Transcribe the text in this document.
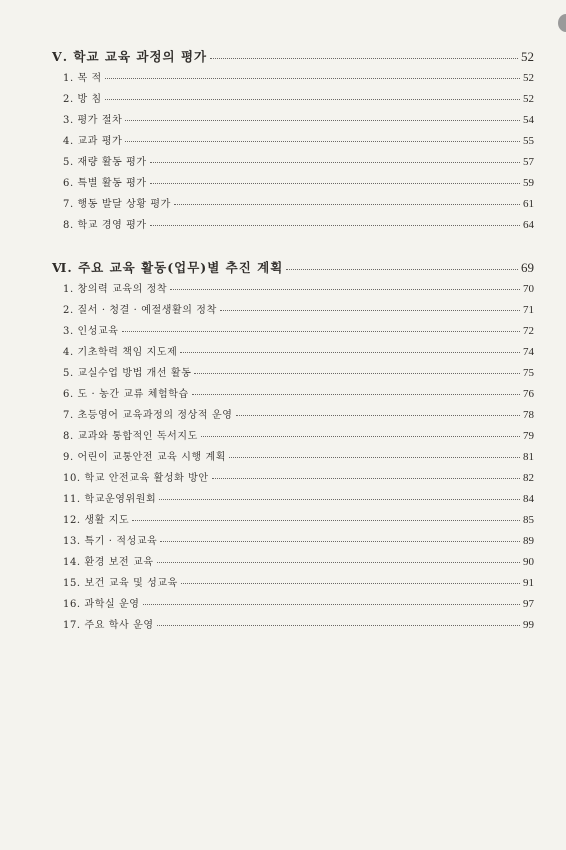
Ⅴ. 학교 교육 과정의 평가	52
1. 목 적	52
2. 방 침	52
3. 평가 절차	54
4. 교과 평가	55
5. 재량 활동 평가	57
6. 특별 활동 평가	59
7. 행동 발달 상황 평가	61
8. 학교 경영 평가	64
Ⅵ. 주요 교육 활동(업무)별 추진 계획	69
1. 창의력 교육의 정착	70
2. 질서 · 청결 · 예절생활의 정착	71
3. 인성교육	72
4. 기초학력 책임 지도제	74
5. 교실수업 방법 개선 활동	75
6. 도 · 농간 교류 체험학습	76
7. 초등영어 교육과정의 정상적 운영	78
8. 교과와 통합적인 독서지도	79
9. 어린이 교통안전 교육 시행 계획	81
10. 학교 안전교육 활성화 방안	82
11. 학교운영위원회	84
12. 생활 지도	85
13. 특기 · 적성교육	89
14. 환경 보전 교육	90
15. 보건 교육 및 성교육	91
16. 과학실 운영	97
17. 주요 학사 운영	99
